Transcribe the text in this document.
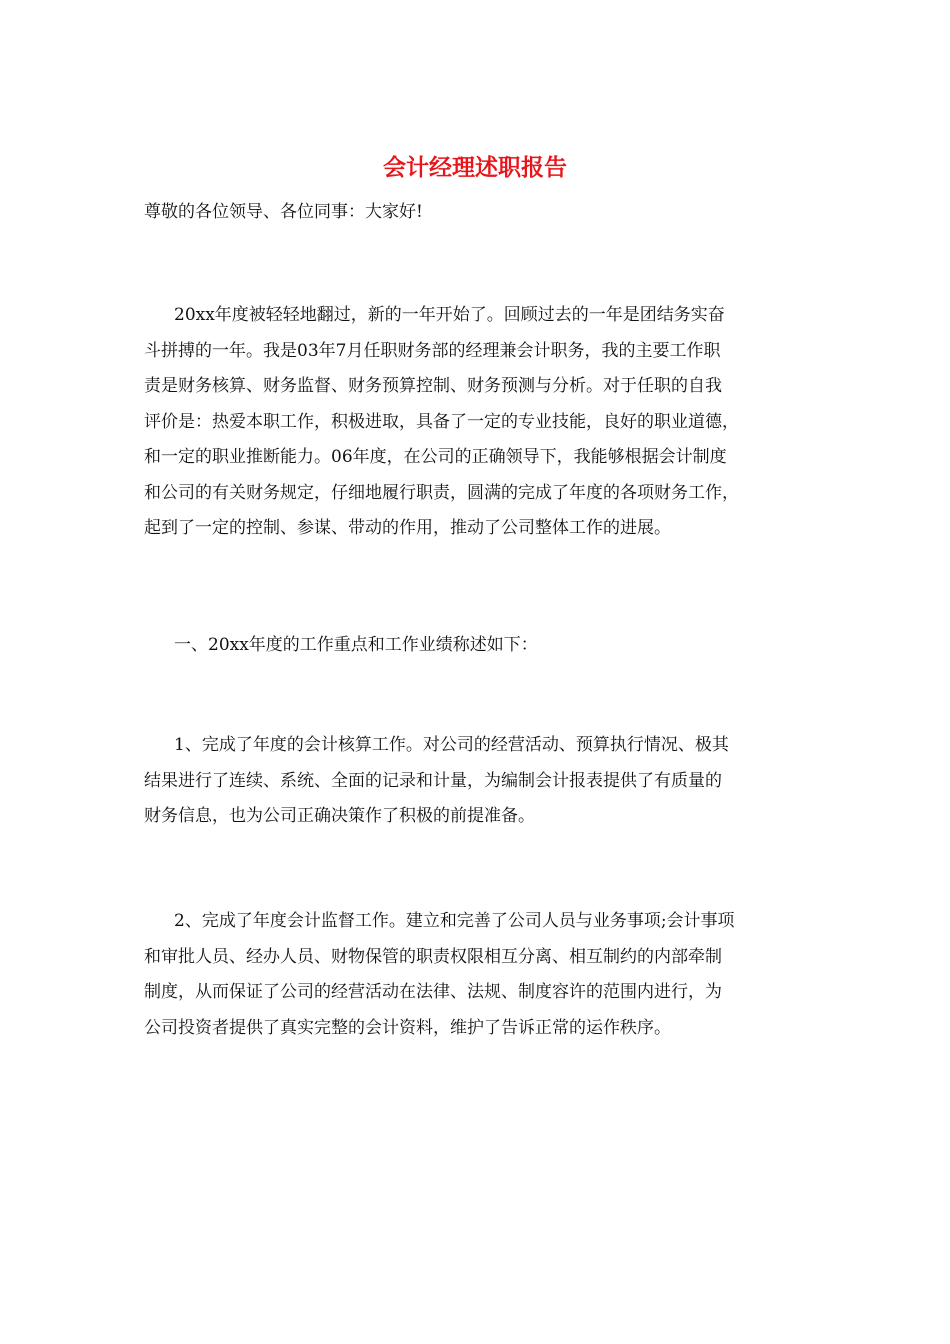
会计经理述职报告
尊敬的各位领导、各位同事：大家好!
20xx年度被轻轻地翻过，新的一年开始了。回顾过去的一年是团结务实奋
斗拼搏的一年。我是03年7月任职财务部的经理兼会计职务，我的主要工作职
责是财务核算、财务监督、财务预算控制、财务预测与分析。对于任职的自我
评价是：热爱本职工作，积极进取，具备了一定的专业技能，良好的职业道德，
和一定的职业推断能力。06年度，在公司的正确领导下，我能够根据会计制度
和公司的有关财务规定，仔细地履行职责，圆满的完成了年度的各项财务工作，
起到了一定的控制、参谋、带动的作用，推动了公司整体工作的进展。
一、20xx年度的工作重点和工作业绩称述如下：
1、完成了年度的会计核算工作。对公司的经营活动、预算执行情况、极其
结果进行了连续、系统、全面的记录和计量，为编制会计报表提供了有质量的
财务信息，也为公司正确决策作了积极的前提准备。
2、完成了年度会计监督工作。建立和完善了公司人员与业务事项;会计事项
和审批人员、经办人员、财物保管的职责权限相互分离、相互制约的内部牵制
制度，从而保证了公司的经营活动在法律、法规、制度容许的范围内进行，为
公司投资者提供了真实完整的会计资料，维护了告诉正常的运作秩序。
